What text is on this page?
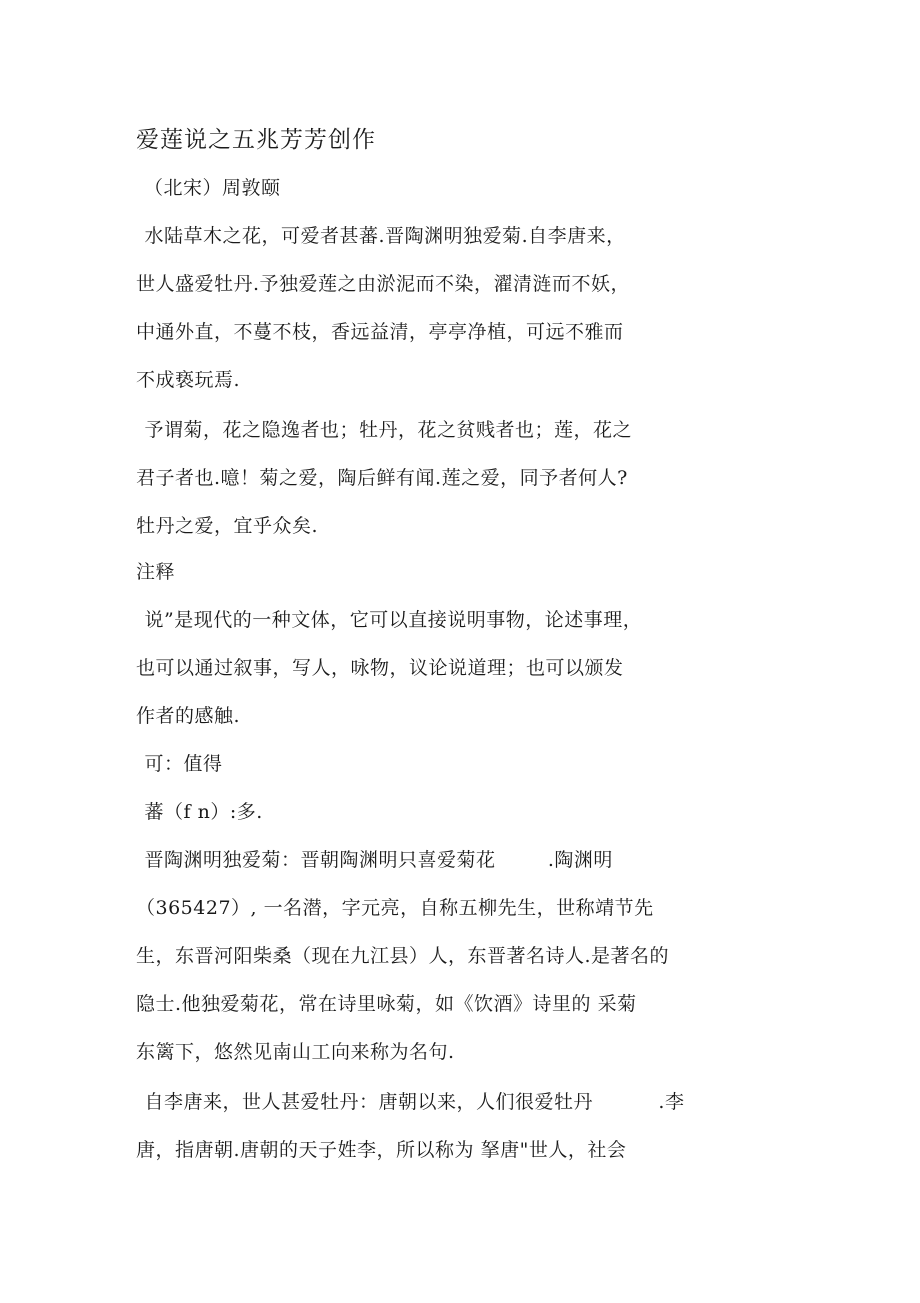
爱莲说之五兆芳芳创作
（北宋）周敦颐
水陆草木之花，可爱者甚蕃.晋陶渊明独爱菊.自李唐来，
世人盛爱牡丹.予独爱莲之由淤泥而不染，濯清涟而不妖，
中通外直，不蔓不枝，香远益清，亭亭净植，可远不雅而
不成亵玩焉.
予谓菊，花之隐逸者也；牡丹，花之贫贱者也；莲，花之
君子者也.噫！菊之爱，陶后鲜有闻.莲之爱，同予者何人?
牡丹之爱，宜乎众矣.
注释
说”是现代的一种文体，它可以直接说明事物，论述事理，
也可以通过叙事，写人，咏物，议论说道理；也可以颁发
作者的感触.
可：值得
蕃（f n）:多.
晋陶渊明独爱菊：晋朝陶渊明只喜爱菊花        .陶渊明
（365427）, 一名潜，字元亮，自称五柳先生，世称靖节先
生，东晋河阳柴桑（现在九江县）人，东晋著名诗人.是著名的
隐士.他独爱菊花，常在诗里咏菊，如《饮酒》诗里的 采菊
东篱下，悠然见南山工向来称为名句.
自李唐来，世人甚爱牡丹：唐朝以来，人们很爱牡丹          .李
唐，指唐朝.唐朝的天子姓李，所以称为 拏唐"世人，社会
